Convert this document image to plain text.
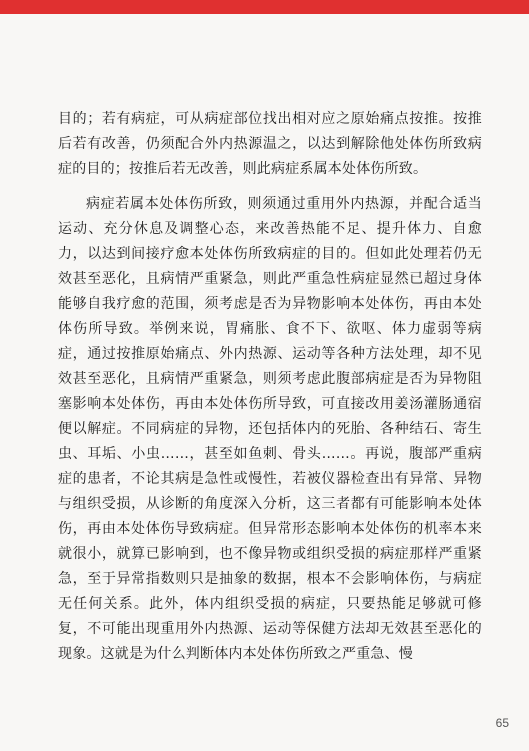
目的；若有病症，可从病症部位找出相对应之原始痛点按推。按推后若有改善，仍须配合外内热源温之，以达到解除他处体伤所致病症的目的；按推后若无改善，则此病症系属本处体伤所致。

病症若属本处体伤所致，则须通过重用外内热源，并配合适当运动、充分休息及调整心态，来改善热能不足、提升体力、自愈力，以达到间接疗愈本处体伤所致病症的目的。但如此处理若仍无效甚至恶化，且病情严重紧急，则此严重急性病症显然已超过身体能够自我疗愈的范围，须考虑是否为异物影响本处体伤，再由本处体伤所导致。举例来说，胃痛胀、食不下、欲呕、体力虚弱等病症，通过按推原始痛点、外内热源、运动等各种方法处理，却不见效甚至恶化，且病情严重紧急，则须考虑此腹部病症是否为异物阻塞影响本处体伤，再由本处体伤所导致，可直接改用姜汤灌肠通宿便以解症。不同病症的异物，还包括体内的死胎、各种结石、寄生虫、耳垢、小虫……，甚至如鱼刺、骨头……。再说，腹部严重病症的患者，不论其病是急性或慢性，若被仪器检查出有异常、异物与组织受损，从诊断的角度深入分析，这三者都有可能影响本处体伤，再由本处体伤导致病症。但异常形态影响本处体伤的机率本来就很小，就算已影响到，也不像异物或组织受损的病症那样严重紧急，至于异常指数则只是抽象的数据，根本不会影响体伤，与病症无任何关系。此外，体内组织受损的病症，只要热能足够就可修复，不可能出现重用外内热源、运动等保健方法却无效甚至恶化的现象。这就是为什么判断体内本处体伤所致之严重急、慢

65
